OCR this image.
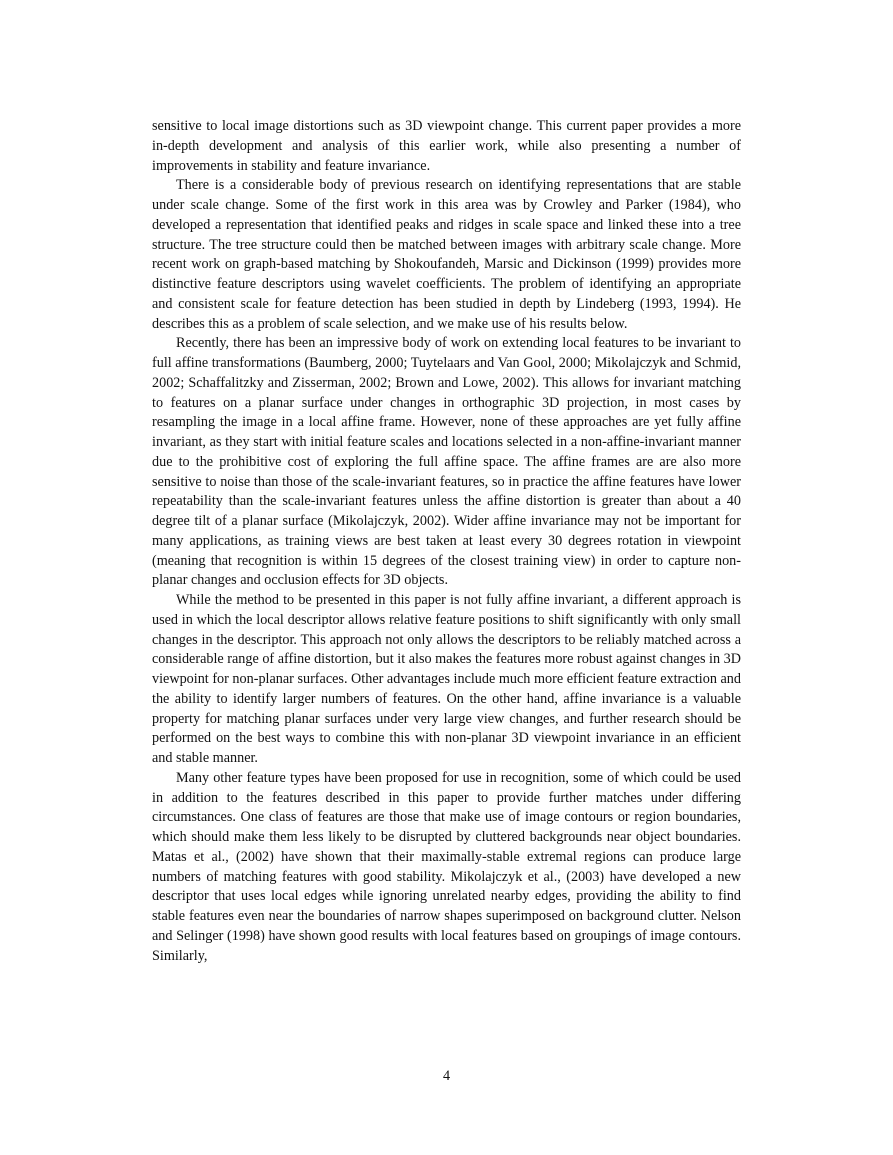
sensitive to local image distortions such as 3D viewpoint change. This current paper provides a more in-depth development and analysis of this earlier work, while also presenting a number of improvements in stability and feature invariance.

There is a considerable body of previous research on identifying representations that are stable under scale change. Some of the first work in this area was by Crowley and Parker (1984), who developed a representation that identified peaks and ridges in scale space and linked these into a tree structure. The tree structure could then be matched between images with arbitrary scale change. More recent work on graph-based matching by Shokoufandeh, Marsic and Dickinson (1999) provides more distinctive feature descriptors using wavelet coefficients. The problem of identifying an appropriate and consistent scale for feature detection has been studied in depth by Lindeberg (1993, 1994). He describes this as a problem of scale selection, and we make use of his results below.

Recently, there has been an impressive body of work on extending local features to be invariant to full affine transformations (Baumberg, 2000; Tuytelaars and Van Gool, 2000; Mikolajczyk and Schmid, 2002; Schaffalitzky and Zisserman, 2002; Brown and Lowe, 2002). This allows for invariant matching to features on a planar surface under changes in orthographic 3D projection, in most cases by resampling the image in a local affine frame. However, none of these approaches are yet fully affine invariant, as they start with initial feature scales and locations selected in a non-affine-invariant manner due to the prohibitive cost of exploring the full affine space. The affine frames are are also more sensitive to noise than those of the scale-invariant features, so in practice the affine features have lower repeatability than the scale-invariant features unless the affine distortion is greater than about a 40 degree tilt of a planar surface (Mikolajczyk, 2002). Wider affine invariance may not be important for many applications, as training views are best taken at least every 30 degrees rotation in viewpoint (meaning that recognition is within 15 degrees of the closest training view) in order to capture non-planar changes and occlusion effects for 3D objects.

While the method to be presented in this paper is not fully affine invariant, a different approach is used in which the local descriptor allows relative feature positions to shift significantly with only small changes in the descriptor. This approach not only allows the descriptors to be reliably matched across a considerable range of affine distortion, but it also makes the features more robust against changes in 3D viewpoint for non-planar surfaces. Other advantages include much more efficient feature extraction and the ability to identify larger numbers of features. On the other hand, affine invariance is a valuable property for matching planar surfaces under very large view changes, and further research should be performed on the best ways to combine this with non-planar 3D viewpoint invariance in an efficient and stable manner.

Many other feature types have been proposed for use in recognition, some of which could be used in addition to the features described in this paper to provide further matches under differing circumstances. One class of features are those that make use of image contours or region boundaries, which should make them less likely to be disrupted by cluttered backgrounds near object boundaries. Matas et al., (2002) have shown that their maximally-stable extremal regions can produce large numbers of matching features with good stability. Mikolajczyk et al., (2003) have developed a new descriptor that uses local edges while ignoring unrelated nearby edges, providing the ability to find stable features even near the boundaries of narrow shapes superimposed on background clutter. Nelson and Selinger (1998) have shown good results with local features based on groupings of image contours. Similarly,

4
